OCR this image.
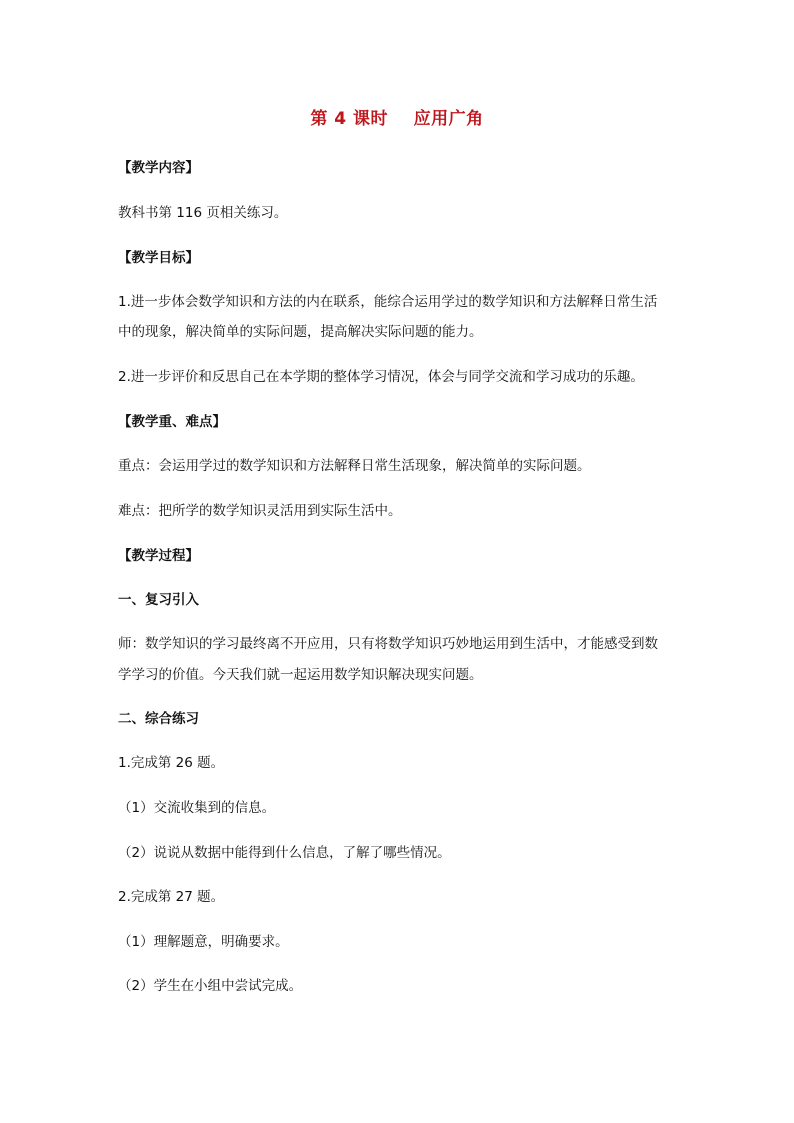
第 4 课时    应用广角
【教学内容】
教科书第 116 页相关练习。
【教学目标】
1.进一步体会数学知识和方法的内在联系，能综合运用学过的数学知识和方法解释日常生活
中的现象，解决简单的实际问题，提高解决实际问题的能力。
2.进一步评价和反思自己在本学期的整体学习情况，体会与同学交流和学习成功的乐趣。
【教学重、难点】
重点：会运用学过的数学知识和方法解释日常生活现象，解决简单的实际问题。
难点：把所学的数学知识灵活用到实际生活中。
【教学过程】
一、复习引入
师：数学知识的学习最终离不开应用，只有将数学知识巧妙地运用到生活中，才能感受到数
学学习的价值。今天我们就一起运用数学知识解决现实问题。
二、综合练习
1.完成第 26 题。
（1）交流收集到的信息。
（2）说说从数据中能得到什么信息，了解了哪些情况。
2.完成第 27 题。
（1）理解题意，明确要求。
（2）学生在小组中尝试完成。
